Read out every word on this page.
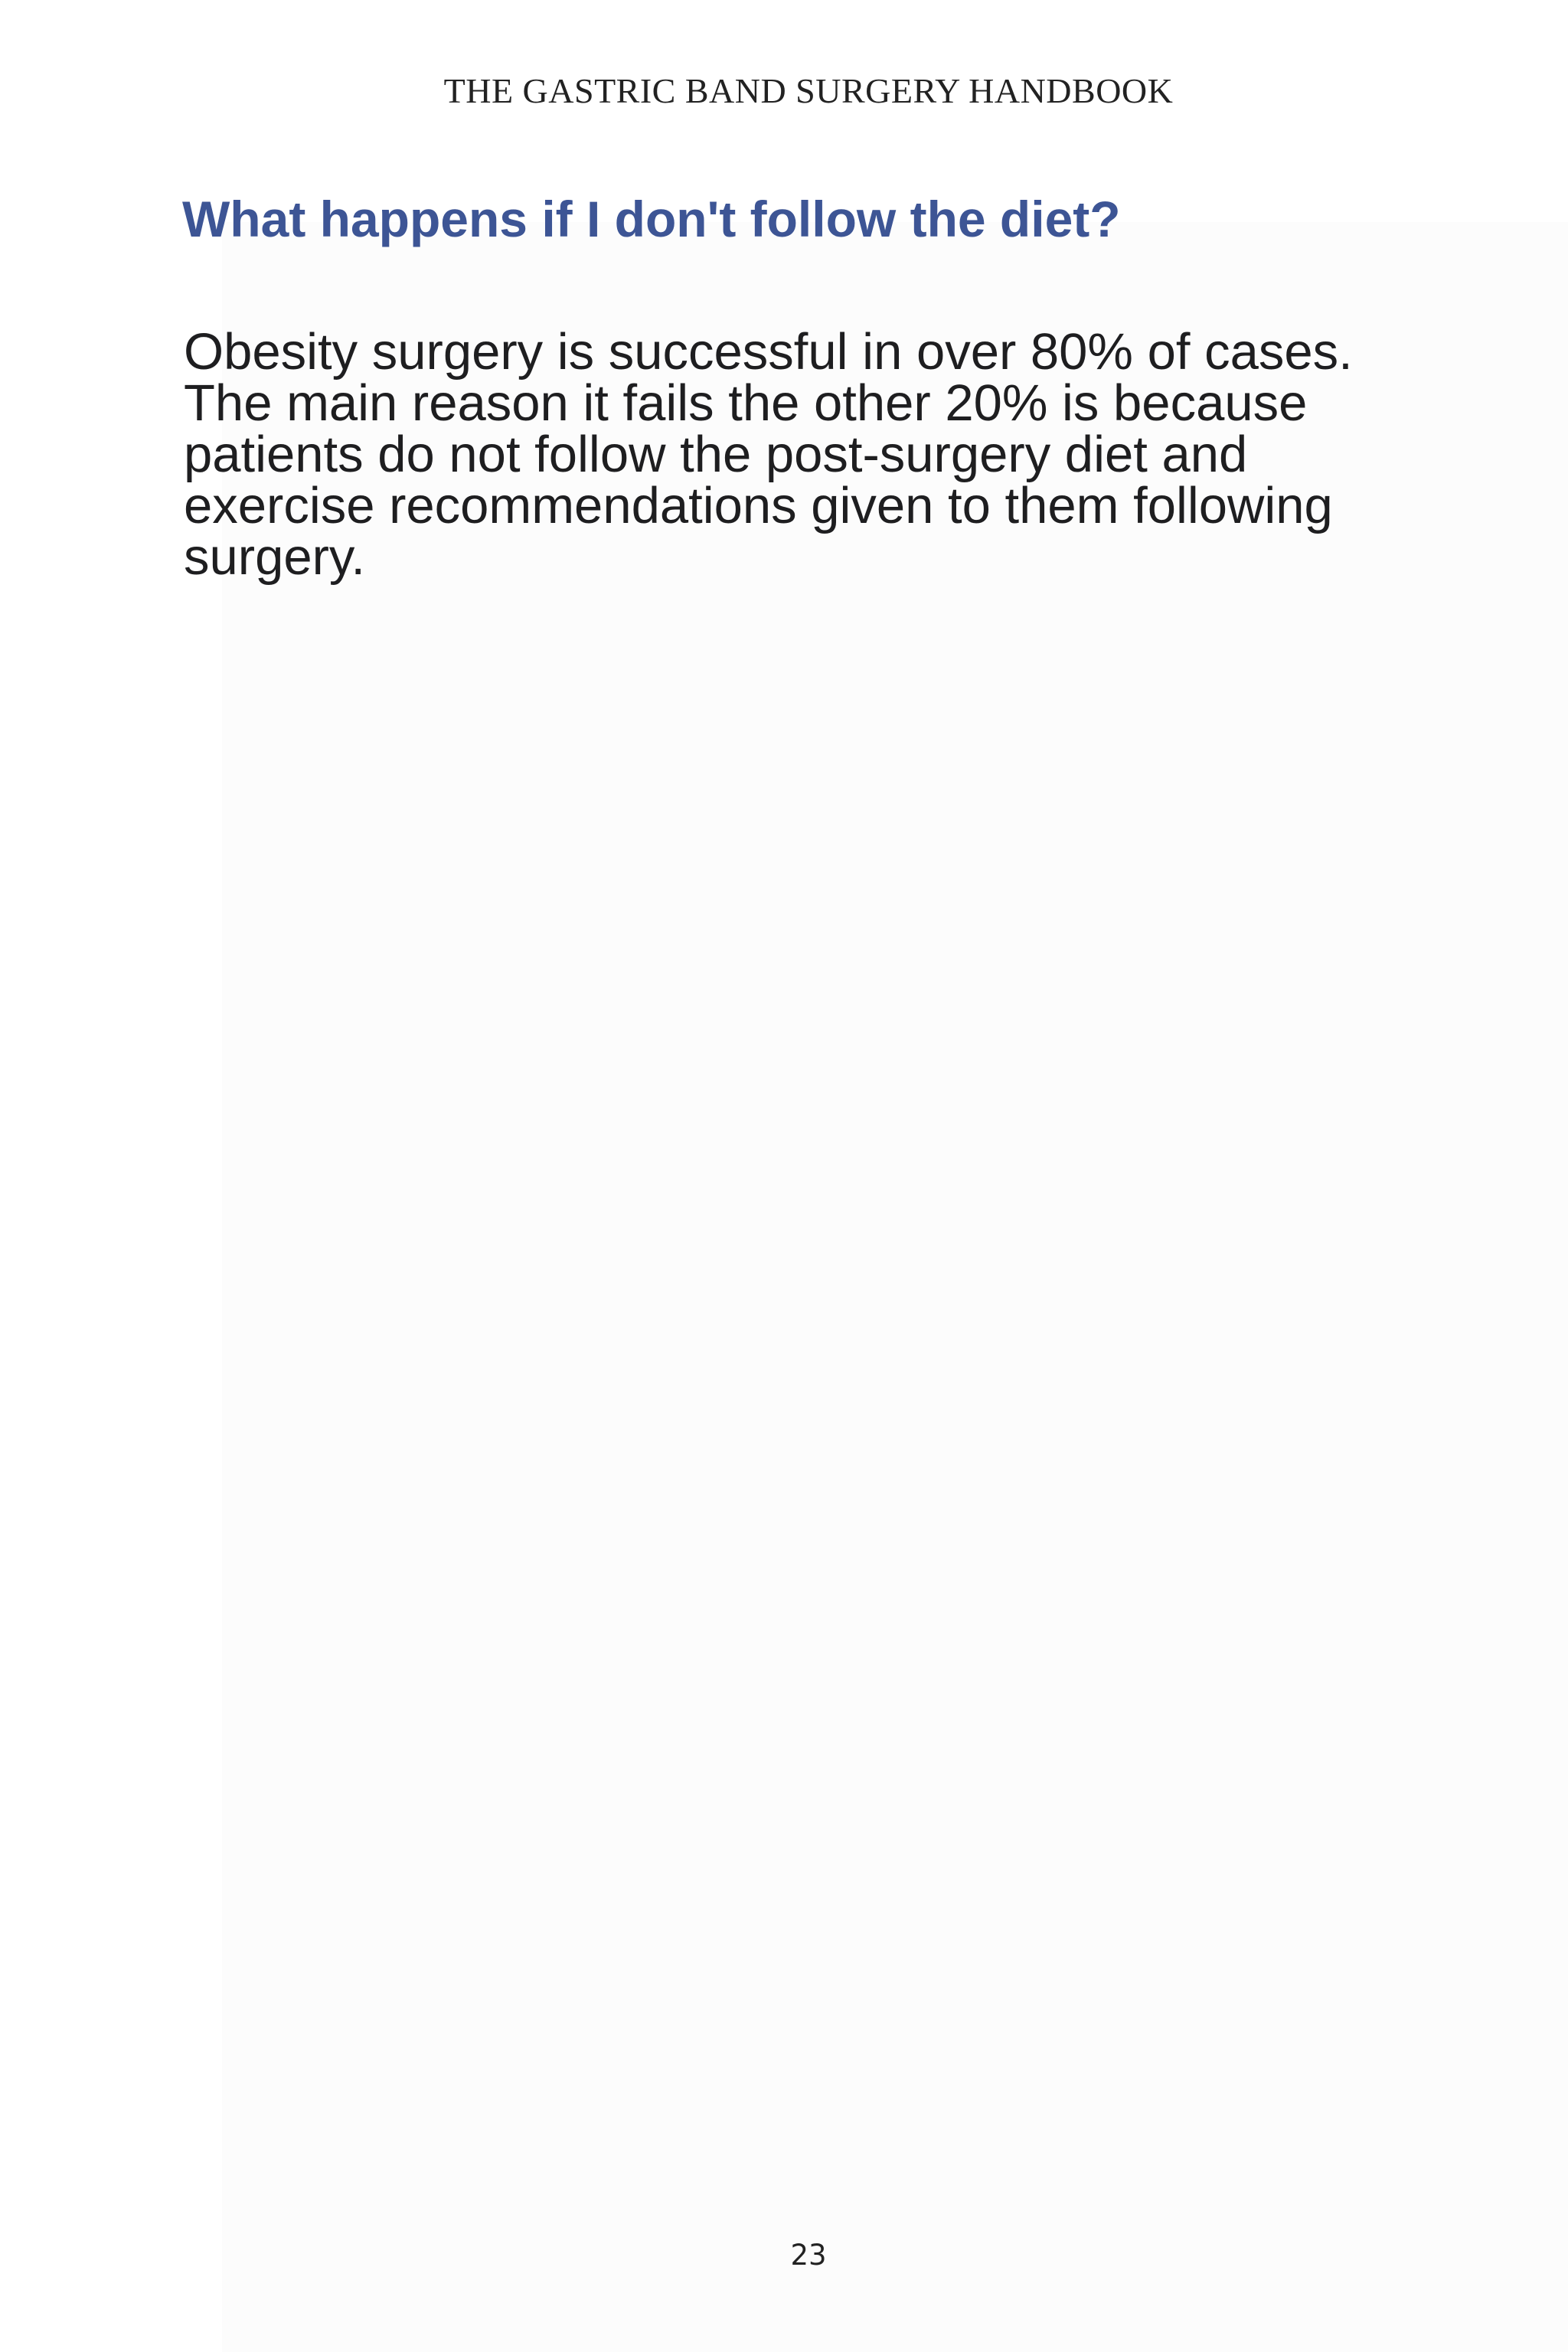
THE GASTRIC BAND SURGERY HANDBOOK
What happens if I don't follow the diet?

Obesity surgery is successful in over 80% of cases.
The main reason it fails the other 20% is because
patients do not follow the post-surgery diet and
exercise recommendations given to them following
surgery.

23
